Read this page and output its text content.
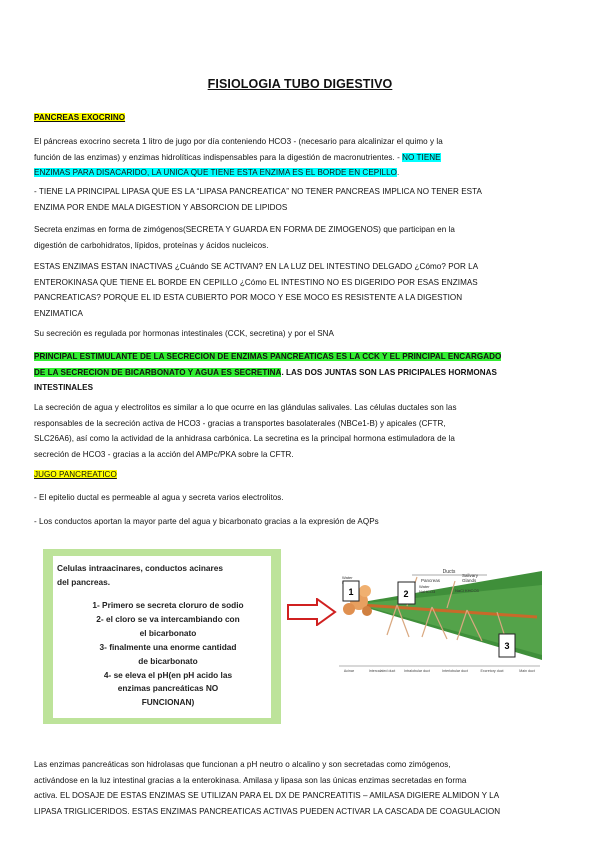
FISIOLOGIA TUBO DIGESTIVO
PANCREAS EXOCRINO
El páncreas exocrino secreta 1 litro de jugo por día conteniendo HCO3 - (necesario para alcalinizar el quimo y la
función de las enzimas) y enzimas hidrolíticas indispensables para la digestión de macronutrientes. - NO TIENE
ENZIMAS PARA DISACARIDO, LA UNICA QUE TIENE ESTA ENZIMA ES EL BORDE EN CEPILLO.
- TIENE LA PRINCIPAL LIPASA QUE ES LA “LIPASA PANCREATICA” NO TENER PANCREAS IMPLICA NO TENER ESTA
ENZIMA POR ENDE MALA DIGESTION Y ABSORCION DE LIPIDOS
Secreta enzimas en forma de zimógenos(SECRETA Y GUARDA EN FORMA DE ZIMOGENOS) que participan en la
digestión de carbohidratos, lípidos, proteínas y ácidos nucleicos.
ESTAS ENZIMAS ESTAN INACTIVAS ¿Cuándo SE ACTIVAN? EN LA LUZ DEL INTESTINO DELGADO ¿Cómo? POR LA
ENTEROKINASA QUE TIENE EL BORDE EN CEPILLO ¿Cómo EL INTESTINO NO ES DIGERIDO POR ESAS ENZIMAS
PANCREATICAS? PORQUE EL ID ESTA CUBIERTO POR MOCO Y ESE MOCO ES RESISTENTE A LA DIGESTION
ENZIMATICA
Su secreción es regulada por hormonas intestinales (CCK, secretina) y por el SNA
PRINCIPAL ESTIMULANTE DE LA SECRECION DE ENZIMAS PANCREATICAS ES LA CCK Y EL PRINCIPAL ENCARGADO
DE LA SECRECION DE BICARBONATO Y AGUA ES SECRETINA. LAS DOS JUNTAS SON LAS PRICIPALES HORMONAS
INTESTINALES
La secreción de agua y electrolitos es similar a lo que ocurre en las glándulas salivales. Las células ductales son las
responsables de la secreción activa de HCO3 - gracias a transportes basolaterales (NBCe1-B) y apicales (CFTR,
SLC26A6), así como la actividad de la anhidrasa carbónica. La secretina es la principal hormona estimuladora de la
secreción de HCO3 - gracias a la acción del AMPc/PKA sobre la CFTR.
JUGO PANCREATICO
- El epitelio ductal es permeable al agua y secreta varios electrolitos.
- Los conductos aportan la mayor parte del agua y bicarbonato gracias a la expresión de AQPs
Celulas intraacinares, conductos acinares
del pancreas.
1- Primero se secreta cloruro de sodio
2- el cloro se va intercambiando con
el bicarbonato
3- finalmente una enorme cantidad
de bicarbonato
4- se eleva el pH(en pH acido las
enzimas pancreáticas NO
FUNCIONAN)
Ducts
Pancreas
Salivary
Glands
Water
Water
NaHCO3	NaCl KHCO3
1	2
3
Acinar	Intercalated duct Intralobular duct	Interlobular duct	Excretory duct	Main duct
Las enzimas pancreáticas son hidrolasas que funcionan a pH neutro o alcalino y son secretadas como zimógenos,
activándose en la luz intestinal gracias a la enterokinasa. Amilasa y lipasa son las únicas enzimas secretadas en forma
activa. EL DOSAJE DE ESTAS ENZIMAS SE UTILIZAN PARA EL DX DE PANCREATITIS – AMILASA DIGIERE ALMIDON Y LA
LIPASA TRIGLICERIDOS. ESTAS ENZIMAS PANCREATICAS ACTIVAS PUEDEN ACTIVAR LA CASCADA DE COAGULACION
